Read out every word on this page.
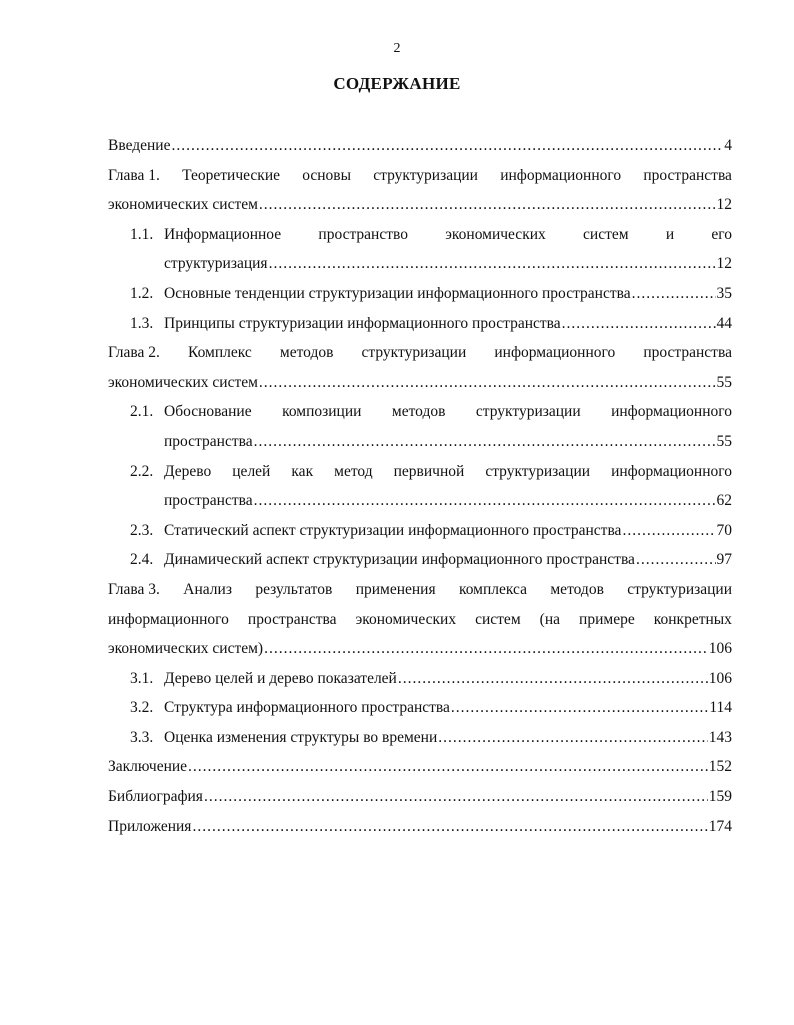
2
СОДЕРЖАНИЕ
Введение .....	4
Глава 1. Теоретические основы структуризации информационного пространства
экономических систем .....	12
1.1. Информационное пространство экономических систем и его
структуризация .....	12
1.2. Основные тенденции структуризации информационного пространства .....	35
1.3. Принципы структуризации информационного пространства .....	44
Глава 2. Комплекс методов структуризации информационного пространства
экономических систем .....	55
2.1. Обоснование композиции методов структуризации информационного
пространства .....	55
2.2. Дерево целей как метод первичной структуризации информационного
пространства .....	62
2.3. Статический аспект структуризации информационного пространства .....	70
2.4. Динамический аспект структуризации информационного пространства .....	97
Глава 3. Анализ результатов применения комплекса методов структуризации
информационного пространства экономических систем (на примере конкретных
экономических систем) .....	106
3.1. Дерево целей и дерево показателей .....	106
3.2. Структура информационного пространства .....	114
3.3. Оценка изменения структуры во времени .....	143
Заключение .....	152
Библиография .....	159
Приложения .....	174
